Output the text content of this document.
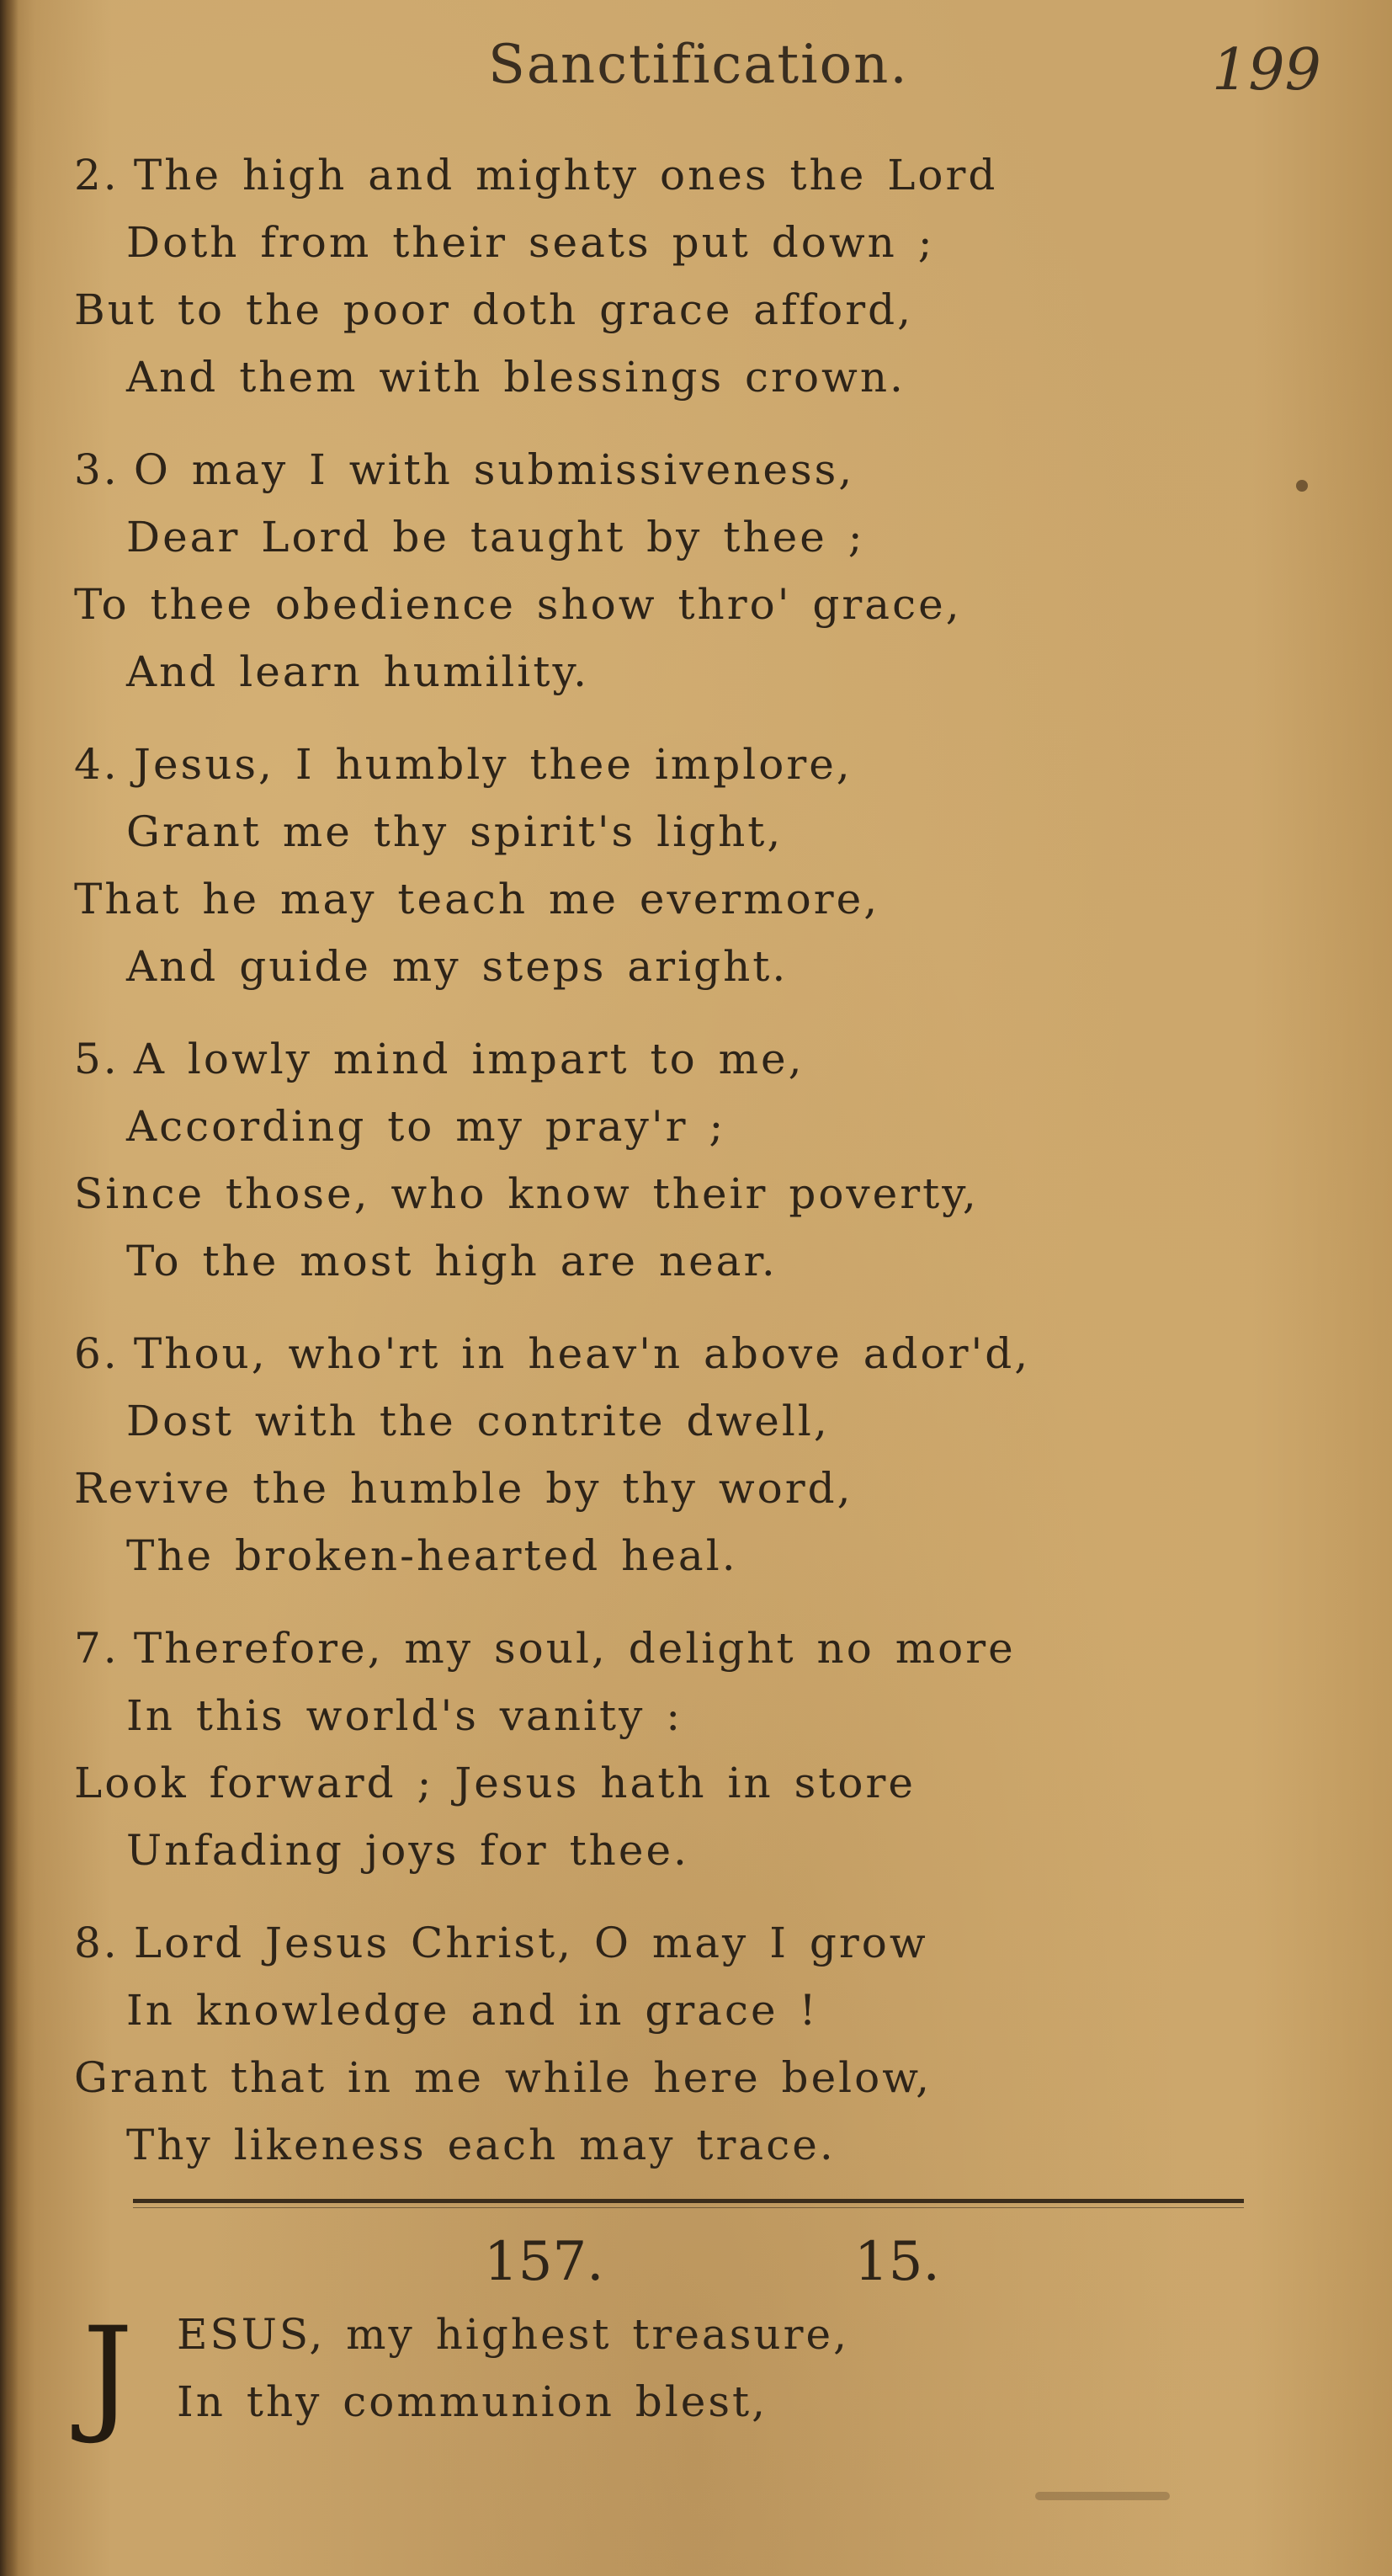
Sanctification.	199
2. The high and mighty ones the Lord
Doth from their seats put down ;
But to the poor doth grace afford,
And them with blessings crown.
3. O may I with submissiveness,
Dear Lord be taught by thee ;
To thee obedience show thro' grace,
And learn humility.
4. Jesus, I humbly thee implore,
Grant me thy spirit's light,
That he may teach me evermore,
And guide my steps aright.
5. A lowly mind impart to me,
According to my pray'r ;
Since those, who know their poverty,
To the most high are near.
6. Thou, who'rt in heav'n above ador'd,
Dost with the contrite dwell,
Revive the humble by thy word,
The broken-hearted heal.
7. Therefore, my soul, delight no more
In this world's vanity :
Look forward ; Jesus hath in store
Unfading joys for thee.
8. Lord Jesus Christ, O may I grow
In knowledge and in grace !
Grant that in me while here below,
Thy likeness each may trace.
157.	15.
J ESUS, my highest treasure,
In thy communion blest,
